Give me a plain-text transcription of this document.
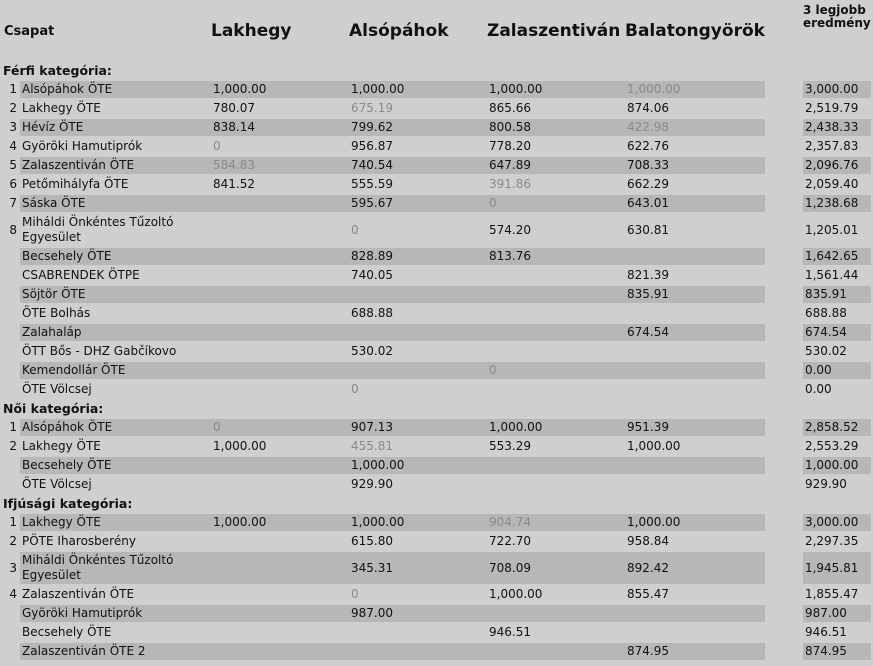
Csapat		Lakhegy	Alsópáhok	Zalaszentiván	Balatongyörök		3 legjobb eredmény
Férfi kategória:							
1	Alsópáhok ÖTE	1,000.00	1,000.00	1,000.00	1,000.00		3,000.00
2	Lakhegy ÖTE	780.07	675.19	865.66	874.06		2,519.79
3	Hévíz ÖTE	838.14	799.62	800.58	422.98		2,438.33
4	Györöki Hamutiprók	0	956.87	778.20	622.76		2,357.83
5	Zalaszentiván ÖTE	584.83	740.54	647.89	708.33		2,096.76
6	Petőmihályfa ÖTE	841.52	555.59	391.86	662.29		2,059.40
7	Sáska ÖTE		595.67	0	643.01		1,238.68
8	Miháldi Önkéntes Tűzoltó Egyesület		0	574.20	630.81		1,205.01
	Becsehely ÖTE		828.89	813.76			1,642.65
	CSABRENDEK ÖTPE		740.05		821.39		1,561.44
	Söjtör ÖTE				835.91		835.91
	ÖTE Bolhás		688.88				688.88
	Zalahaláp				674.54		674.54
	ÖTT Bős - DHZ Gabčíkovo		530.02				530.02
	Kemendollár ÖTE			0			0.00
	ÖTE Völcsej		0				0.00
Női kategória:							
1	Alsópáhok ÖTE	0	907.13	1,000.00	951.39		2,858.52
2	Lakhegy ÖTE	1,000.00	455.81	553.29	1,000.00		2,553.29
	Becsehely ÖTE		1,000.00				1,000.00
	ÖTE Völcsej		929.90				929.90
Ifjúsági kategória:							
1	Lakhegy ÖTE	1,000.00	1,000.00	904.74	1,000.00		3,000.00
2	PÖTE Iharosberény		615.80	722.70	958.84		2,297.35
3	Miháldi Önkéntes Tűzoltó Egyesület		345.31	708.09	892.42		1,945.81
4	Zalaszentiván ÖTE		0	1,000.00	855.47		1,855.47
	Györöki Hamutiprók		987.00				987.00
	Becsehely ÖTE			946.51			946.51
	Zalaszentiván ÖTE 2				874.95		874.95
